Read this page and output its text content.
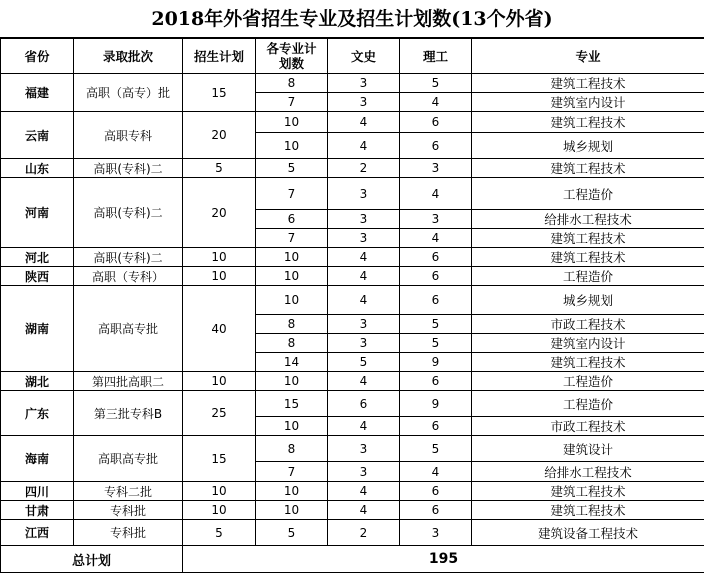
2018年外省招生专业及招生计划数(13个外省)
省份	录取批次	招生计划	各专业计划数	文史	理工	专业
福建	高职（高专）批	15	8	3	5	建筑工程技术
			7	3	4	建筑室内设计
云南	高职专科	20	10	4	6	建筑工程技术
			10	4	6	城乡规划
山东	高职(专科)二	5	5	2	3	建筑工程技术
河南	高职(专科)二	20	7	3	4	工程造价
			6	3	3	给排水工程技术
			7	3	4	建筑工程技术
河北	高职(专科)二	10	10	4	6	建筑工程技术
陕西	高职（专科）	10	10	4	6	工程造价
湖南	高职高专批	40	10	4	6	城乡规划
			8	3	5	市政工程技术
			8	3	5	建筑室内设计
			14	5	9	建筑工程技术
湖北	第四批高职二	10	10	4	6	工程造价
广东	第三批专科B	25	15	6	9	工程造价
			10	4	6	市政工程技术
海南	高职高专批	15	8	3	5	建筑设计
			7	3	4	给排水工程技术
四川	专科二批	10	10	4	6	建筑工程技术
甘肃	专科批	10	10	4	6	建筑工程技术
江西	专科批	5	5	2	3	建筑设备工程技术
总计划		195				
